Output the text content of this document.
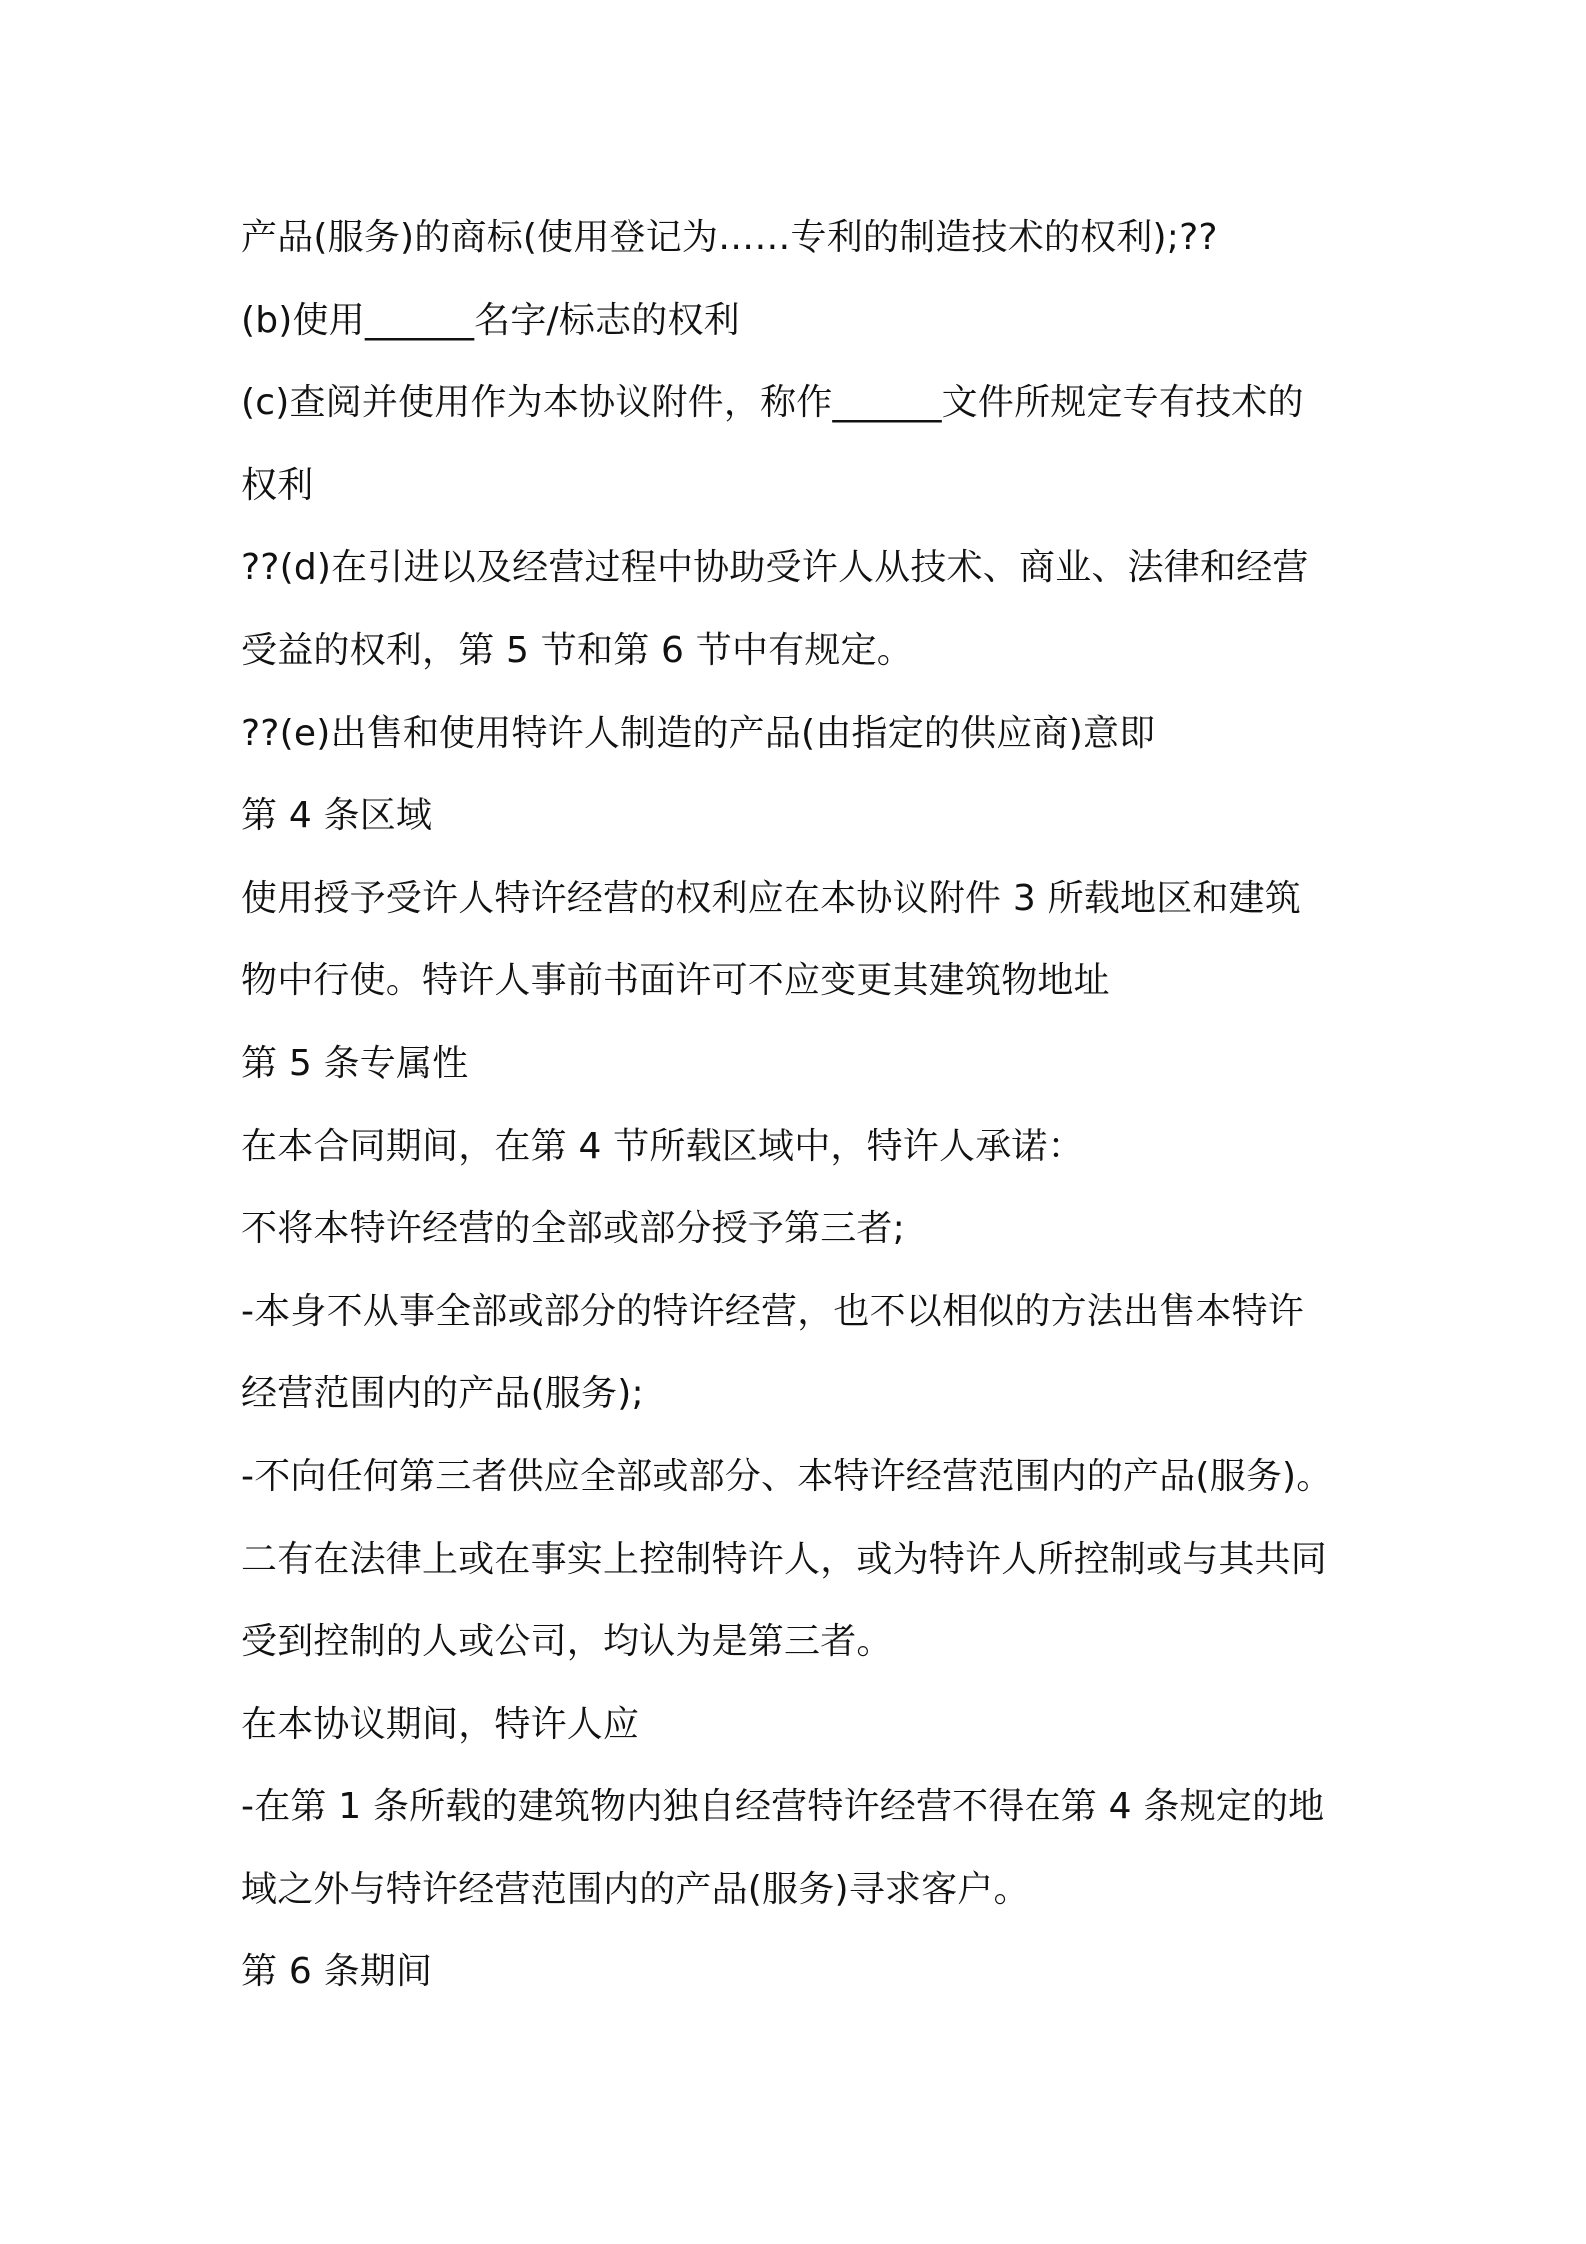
产品(服务)的商标(使用登记为……专利的制造技术的权利);??
(b)使用______名字/标志的权利
(c)查阅并使用作为本协议附件，称作______文件所规定专有技术的
权利
??(d)在引进以及经营过程中协助受许人从技术、商业、法律和经营
受益的权利，第 5 节和第 6 节中有规定。
??(e)出售和使用特许人制造的产品(由指定的供应商)意即
第 4 条区域
使用授予受许人特许经营的权利应在本协议附件 3 所载地区和建筑
物中行使。特许人事前书面许可不应变更其建筑物地址
第 5 条专属性
在本合同期间，在第 4 节所载区域中，特许人承诺：
不将本特许经营的全部或部分授予第三者;
-本身不从事全部或部分的特许经营，也不以相似的方法出售本特许
经营范围内的产品(服务);
-不向任何第三者供应全部或部分、本特许经营范围内的产品(服务)。
二有在法律上或在事实上控制特许人，或为特许人所控制或与其共同
受到控制的人或公司，均认为是第三者。
在本协议期间，特许人应
-在第 1 条所载的建筑物内独自经营特许经营不得在第 4 条规定的地
域之外与特许经营范围内的产品(服务)寻求客户。
第 6 条期间
